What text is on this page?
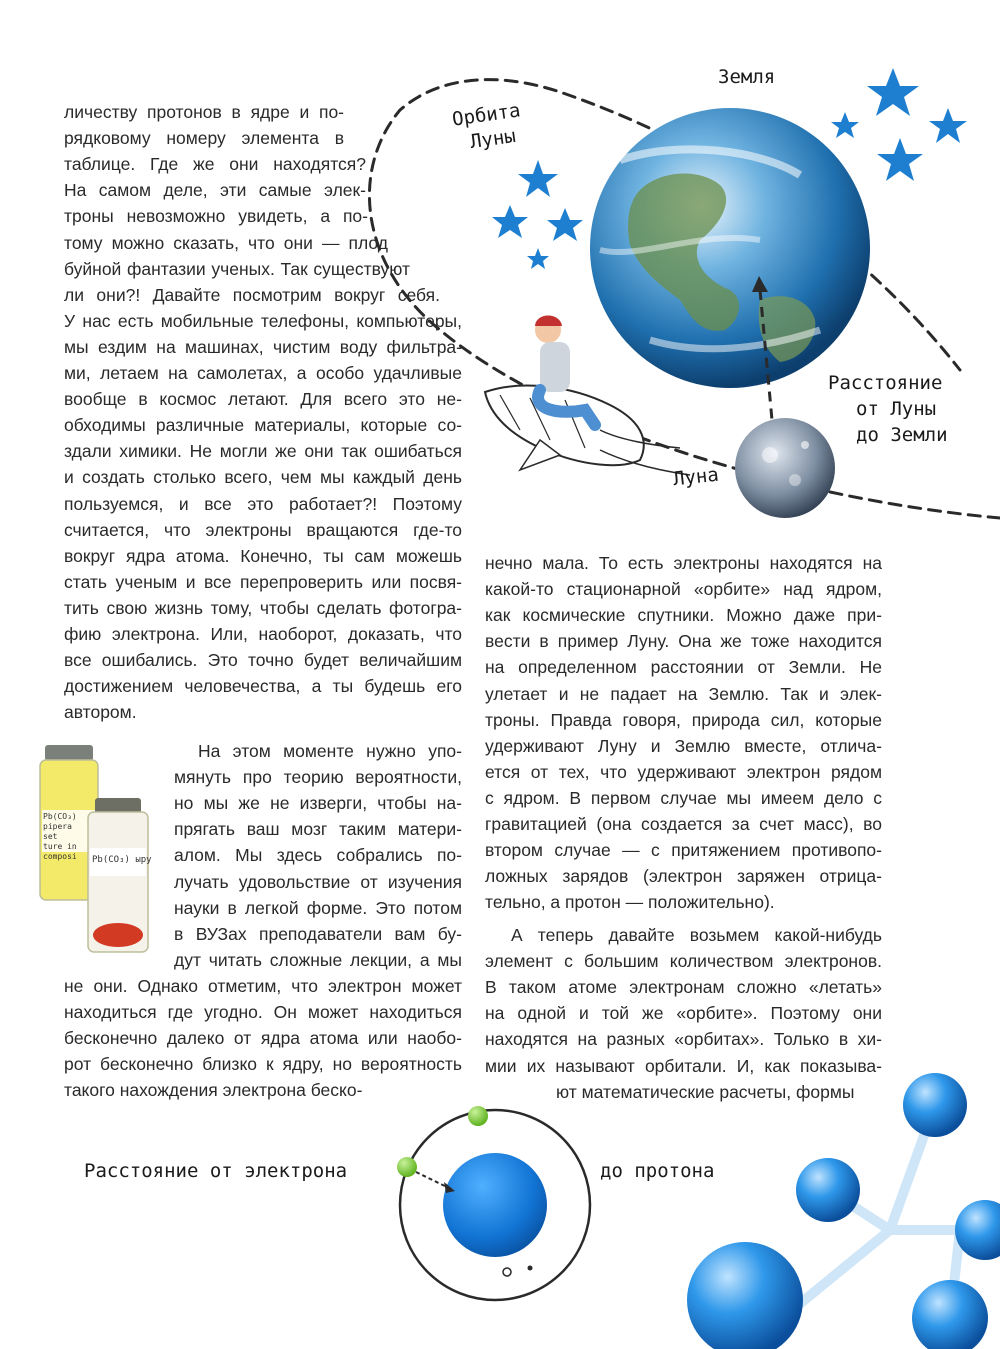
личеству протонов в ядре и по-
рядковому номеру элемента в
таблице. Где же они находятся?
На самом деле, эти самые элек-
троны невозможно увидеть, а по-
тому можно сказать, что они — плод
буйной фантазии ученых. Так существуют
ли они?! Давайте посмотрим вокруг себя.
У нас есть мобильные телефоны, компьютеры,
мы ездим на машинах, чистим воду фильтра-
ми, летаем на самолетах, а особо удачливые
вообще в космос летают. Для всего это не-
обходимы различные материалы, которые со-
здали химики. Не могли же они так ошибаться
и создать столько всего, чем мы каждый день
пользуемся, и все это работает?! Поэтому
считается, что электроны вращаются где-то
вокруг ядра атома. Конечно, ты сам можешь
стать ученым и все перепроверить или посвя-
тить свою жизнь тому, чтобы сделать фотогра-
фию электрона. Или, наоборот, доказать, что
все ошибались. Это точно будет величайшим
достижением человечества, а ты будешь его
автором.
На этом моменте нужно упо-
мянуть про теорию вероятности,
но мы же не изверги, чтобы на-
прягать ваш мозг таким матери-
алом. Мы здесь собрались по-
лучать удовольствие от изучения
науки в легкой форме. Это потом
в ВУЗах преподаватели вам бу-
дут читать сложные лекции, а мы
не они. Однако отметим, что электрон может
находиться где угодно. Он может находиться
бесконечно далеко от ядра атома или наобо-
рот бесконечно близко к ядру, но вероятность
такого нахождения электрона беско-
нечно мала. То есть электроны находятся на
какой-то стационарной «орбите» над ядром,
как космические спутники. Можно даже при-
вести в пример Луну. Она же тоже находится
на определенном расстоянии от Земли. Не
улетает и не падает на Землю. Так и элек-
троны. Правда говоря, природа сил, которые
удерживают Луну и Землю вместе, отлича-
ется от тех, что удерживают электрон рядом
с ядром. В первом случае мы имеем дело с
гравитацией (она создается за счет масс), во
втором случае — с притяжением противопо-
ложных зарядов (электрон заряжен отрица-
тельно, а протон — положительно).
А теперь давайте возьмем какой-нибудь
элемент с большим количеством электронов.
В таком атоме электронам сложно «летать»
на одной и той же «орбите». Поэтому они
находятся на разных «орбитах». Только в хи-
мии их называют орбитали. И, как показыва-
ют математические расчеты, формы
Земля
Орбита
Луны
Расстояние
от Луны
до Земли
Луна
Расстояние от электрона	до протона
Pb(CO₃) pipera
set
ture in
composi	Pb(CO₃) ыру
